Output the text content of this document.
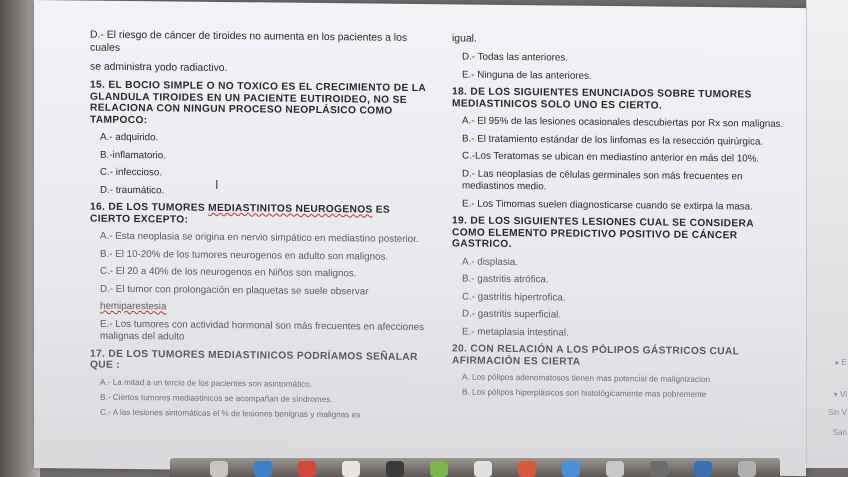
D.- El riesgo de cáncer de tiroides no aumenta en los pacientes a los cuales

se administra yodo radiactivo.

15. EL BOCIO SIMPLE O NO TOXICO ES EL CRECIMIENTO DE LA GLANDULA TIROIDES EN UN PACIENTE EUTIROIDEO, NO SE RELACIONA CON NINGUN PROCESO NEOPLÁSICO COMO TAMPOCO:

A.- adquirido.

B.-inflamatorio.

C.- infeccioso.

D.- traumático.

16. DE LOS TUMORES MEDIASTINITOS NEUROGENOS ES CIERTO EXCEPTO:

A.- Esta neoplasia se origina en nervio simpático en mediastino posterior.

B.- El 10-20% de los tumores neurogenos en adulto son malignos.

C.- El 20 a 40% de los neurogenos en Niños son malignos.

D.- El tumor con prolongación en plaquetas se suele observar

hemiparestesia

E.- Los tumores con actividad hormonal son más frecuentes en afecciones malignas del adulto

17. DE LOS TUMORES MEDIASTINICOS PODRÍAMOS SEÑALAR QUE :

A.- La mitad a un tercio de los pacientes son asintomático.

B.- Ciertos tumores mediastinicos se acompañan de síndromes.

C.- A las lesiones sintomáticas el % de lesiones benignas y malignas es

igual.

D.- Todas las anteriores.

E.- Ninguna de las anteriores.

18. DE LOS SIGUIENTES ENUNCIADOS SOBRE TUMORES MEDIASTINICOS SOLO UNO ES CIERTO.

A.- El 95% de las lesiones ocasionales descubiertas por Rx son malignas.

B.- El tratamiento estándar de los linfomas es la resección quirúrgica.

C.-Los Teratomas se ubican en mediastino anterior en más del 10%.

D.- Las neoplasias de células germinales son más frecuentes en mediastinos medio.

E.- Los Timomas suelen diagnosticarse cuando se extirpa la masa.

19. DE LOS SIGUIENTES LESIONES CUAL SE CONSIDERA COMO ELEMENTO PREDICTIVO POSITIVO DE CÁNCER GASTRICO.

A.- displasia.

B.- gastritis atrófica.

C.- gastritis hipertrofica.

D.- gastritis superficial.

E.- metaplasia intestinal.

20. CON RELACIÓN A LOS PÓLIPOS GÁSTRICOS CUAL AFIRMACIÓN ES CIERTA

A. Los pólipos adenomatosos tienen mas potencial de malignizacion

B. Los pólipos hiperplásicos son histológicamente mas pobremente

I
▸ E
▾ Vi
Sin V
San
